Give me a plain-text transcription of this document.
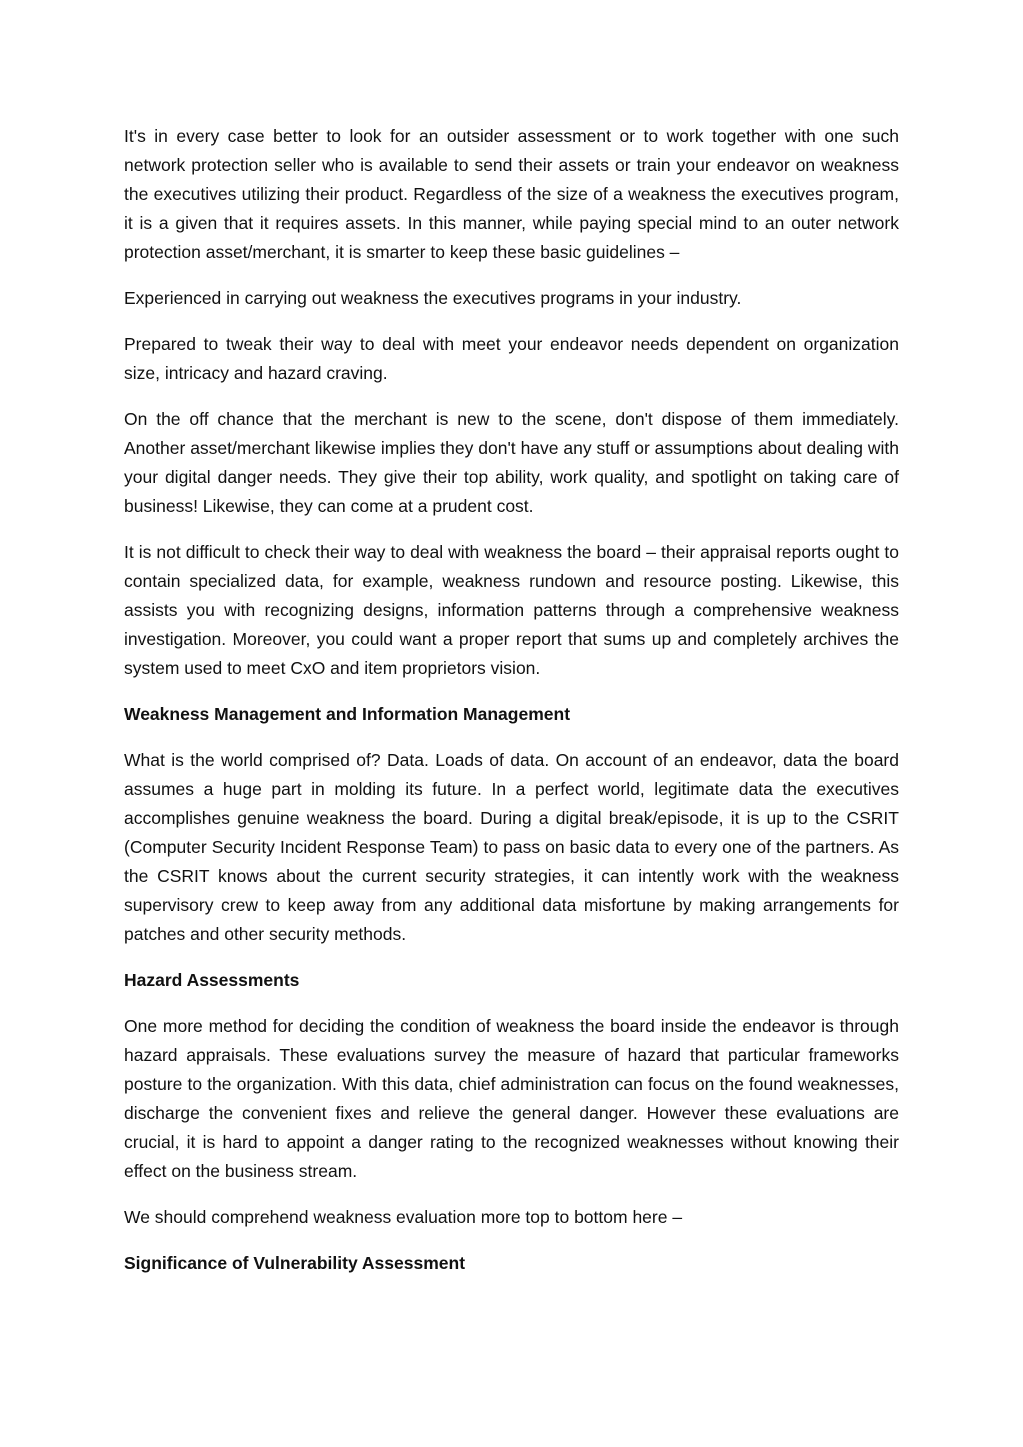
It's in every case better to look for an outsider assessment or to work together with one such network protection seller who is available to send their assets or train your endeavor on weakness the executives utilizing their product. Regardless of the size of a weakness the executives program, it is a given that it requires assets. In this manner, while paying special mind to an outer network protection asset/merchant, it is smarter to keep these basic guidelines –

Experienced in carrying out weakness the executives programs in your industry.

Prepared to tweak their way to deal with meet your endeavor needs dependent on organization size, intricacy and hazard craving.

On the off chance that the merchant is new to the scene, don't dispose of them immediately. Another asset/merchant likewise implies they don't have any stuff or assumptions about dealing with your digital danger needs. They give their top ability, work quality, and spotlight on taking care of business! Likewise, they can come at a prudent cost.

It is not difficult to check their way to deal with weakness the board – their appraisal reports ought to contain specialized data, for example, weakness rundown and resource posting. Likewise, this assists you with recognizing designs, information patterns through a comprehensive weakness investigation. Moreover, you could want a proper report that sums up and completely archives the system used to meet CxO and item proprietors vision.

Weakness Management and Information Management

What is the world comprised of? Data. Loads of data. On account of an endeavor, data the board assumes a huge part in molding its future. In a perfect world, legitimate data the executives accomplishes genuine weakness the board. During a digital break/episode, it is up to the CSRIT (Computer Security Incident Response Team) to pass on basic data to every one of the partners. As the CSRIT knows about the current security strategies, it can intently work with the weakness supervisory crew to keep away from any additional data misfortune by making arrangements for patches and other security methods.

Hazard Assessments

One more method for deciding the condition of weakness the board inside the endeavor is through hazard appraisals. These evaluations survey the measure of hazard that particular frameworks posture to the organization. With this data, chief administration can focus on the found weaknesses, discharge the convenient fixes and relieve the general danger. However these evaluations are crucial, it is hard to appoint a danger rating to the recognized weaknesses without knowing their effect on the business stream.

We should comprehend weakness evaluation more top to bottom here –

Significance of Vulnerability Assessment
